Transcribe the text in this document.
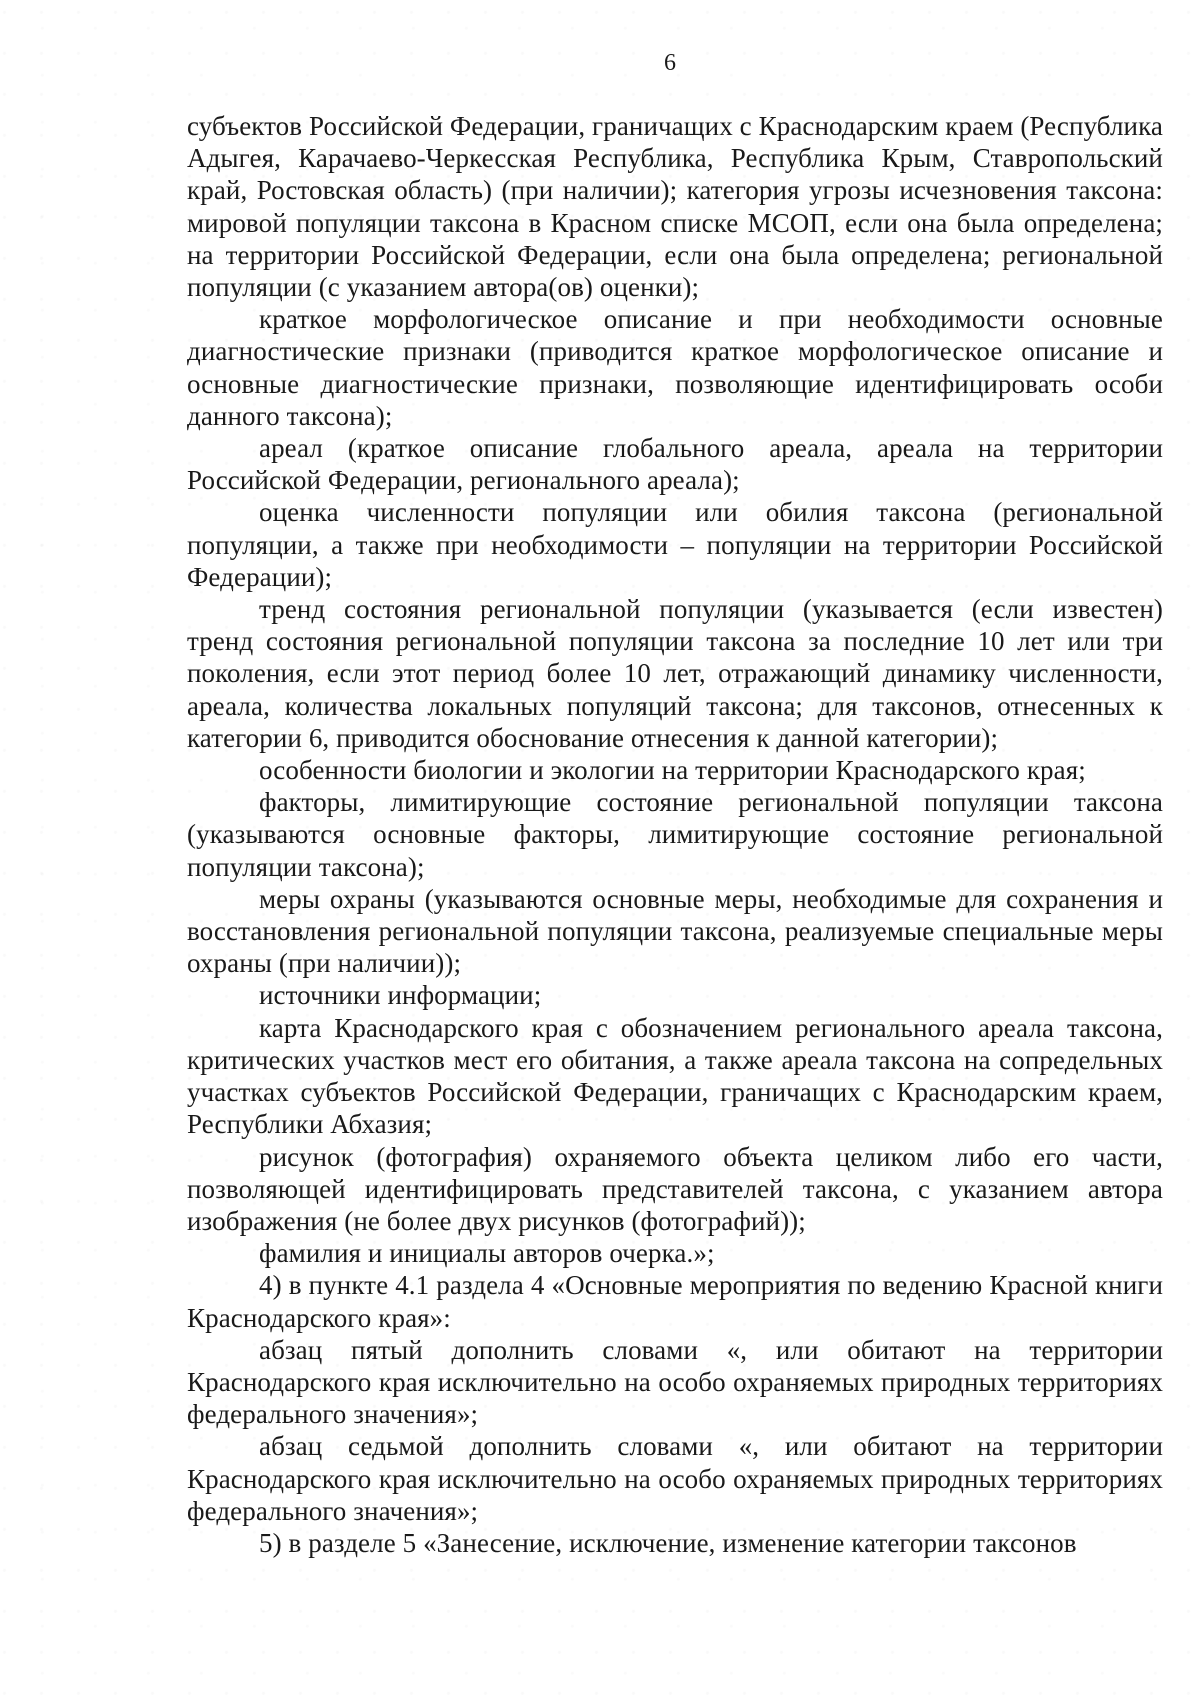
6

субъектов Российской Федерации, граничащих с Краснодарским краем (Республика Адыгея, Карачаево-Черкесская Республика, Республика Крым, Ставропольский край, Ростовская область) (при наличии); категория угрозы исчезновения таксона: мировой популяции таксона в Красном списке МСОП, если она была определена; на территории Российской Федерации, если она была определена; региональной популяции (с указанием автора(ов) оценки);

краткое морфологическое описание и при необходимости основные диагностические признаки (приводится краткое морфологическое описание и основные диагностические признаки, позволяющие идентифицировать особи данного таксона);

ареал (краткое описание глобального ареала, ареала на территории Российской Федерации, регионального ареала);

оценка численности популяции или обилия таксона (региональной популяции, а также при необходимости – популяции на территории Российской Федерации);

тренд состояния региональной популяции (указывается (если известен) тренд состояния региональной популяции таксона за последние 10 лет или три поколения, если этот период более 10 лет, отражающий динамику численности, ареала, количества локальных популяций таксона; для таксонов, отнесенных к категории 6, приводится обоснование отнесения к данной категории);

особенности биологии и экологии на территории Краснодарского края;

факторы, лимитирующие состояние региональной популяции таксона (указываются основные факторы, лимитирующие состояние региональной популяции таксона);

меры охраны (указываются основные меры, необходимые для сохранения и восстановления региональной популяции таксона, реализуемые специальные меры охраны (при наличии));

источники информации;

карта Краснодарского края с обозначением регионального ареала таксона, критических участков мест его обитания, а также ареала таксона на сопредельных участках субъектов Российской Федерации, граничащих с Краснодарским краем, Республики Абхазия;

рисунок (фотография) охраняемого объекта целиком либо его части, позволяющей идентифицировать представителей таксона, с указанием автора изображения (не более двух рисунков (фотографий));

фамилия и инициалы авторов очерка.»;

4) в пункте 4.1 раздела 4 «Основные мероприятия по ведению Красной книги Краснодарского края»:

абзац пятый дополнить словами «, или обитают на территории Краснодарского края исключительно на особо охраняемых природных территориях федерального значения»;

абзац седьмой дополнить словами «, или обитают на территории Краснодарского края исключительно на особо охраняемых природных территориях федерального значения»;

5) в разделе 5 «Занесение, исключение, изменение категории таксонов
